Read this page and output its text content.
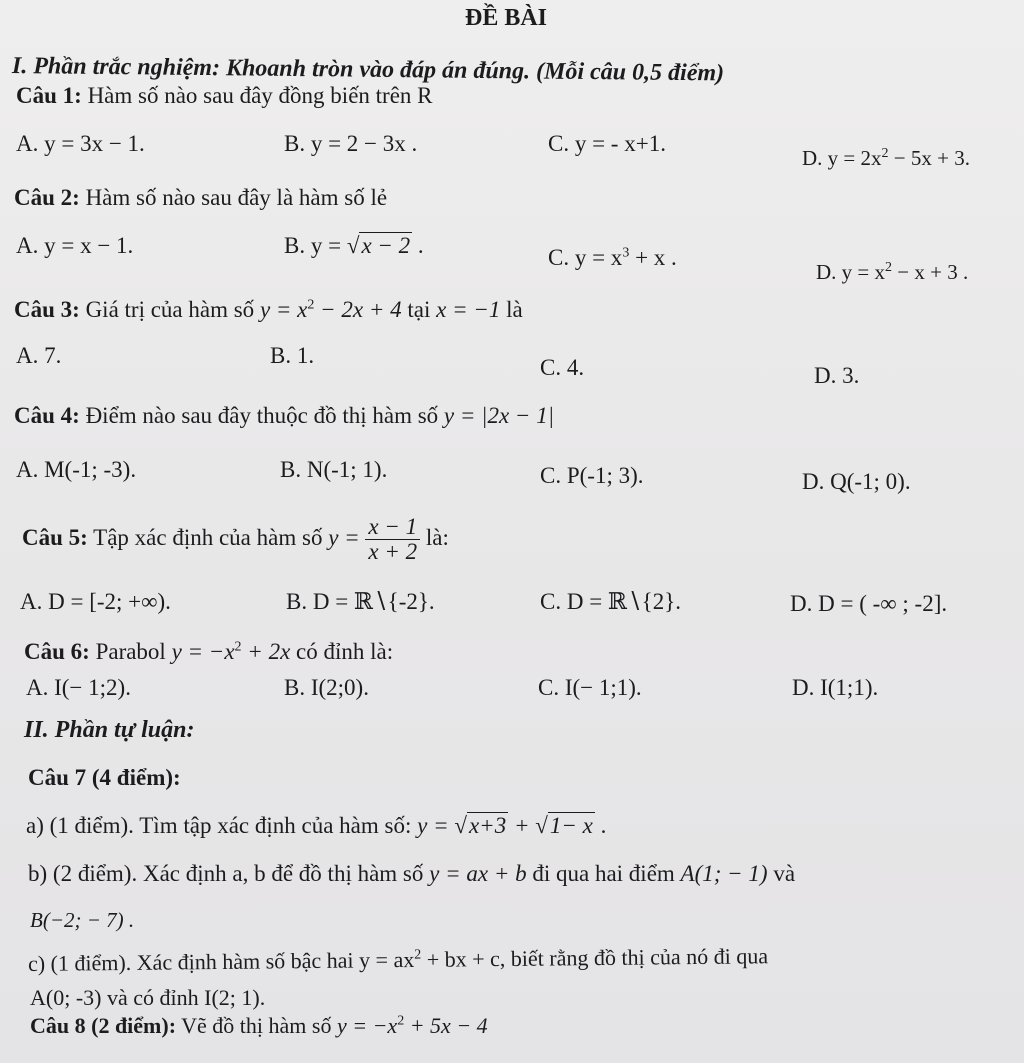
ĐỀ BÀI
I. Phần trắc nghiệm: Khoanh tròn vào đáp án đúng. (Mỗi câu 0,5 điểm)
Câu 1: Hàm số nào sau đây đồng biến trên R
A. y = 3x − 1.	B. y = 2 − 3x .	C. y = - x+1.
D. $y = 2x^2 - 5x + 3$.
Câu 2: Hàm số nào sau đây là hàm số lẻ
A. y = x − 1.	B. y = √x − 2 .	C. $y = x^3 + x$ .
D. $y = x^2 - x + 3$ .
Câu 3: Giá trị của hàm số $y = x^2 - 2x + 4$ tại x = −1 là
A. 7.	B. 1.	C. 4.	D. 3.
Câu 4: Điểm nào sau đây thuộc đồ thị hàm số y = |2x − 1|
A. M(-1; -3).	B. N(-1; 1).	C. P(-1; 3).	D. Q(-1; 0).
Câu 5: Tập xác định của hàm số $y = \frac{x - 1}{x + 2}$ là:
A. D = [-2; +∞).	B. D = ℝ∖{-2}.	C. D = ℝ∖{2}.	D. D = ( -∞ ; -2].
Câu 6: Parabol $y = -x^2 + 2x$ có đỉnh là:
A. I(− 1;2).	B. I(2;0).	C. I(− 1;1).	D. I(1;1).
II. Phần tự luận:
Câu 7 (4 điểm):
a) (1 điểm). Tìm tập xác định của hàm số: y = √x+3 + √1− x .
b) (2 điểm). Xác định a, b để đồ thị hàm số y = ax + b đi qua hai điểm A(1; − 1) và
B(−2; − 7) .
c) (1 điểm). Xác định hàm số bậc hai $y = ax^2$ + bx + c, biết rằng đồ thị của nó đi qua
A(0; -3) và có đỉnh I(2; 1).
Câu 8 (2 điểm): Vẽ đồ thị hàm số $y = -x^2 + 5x - 4$
